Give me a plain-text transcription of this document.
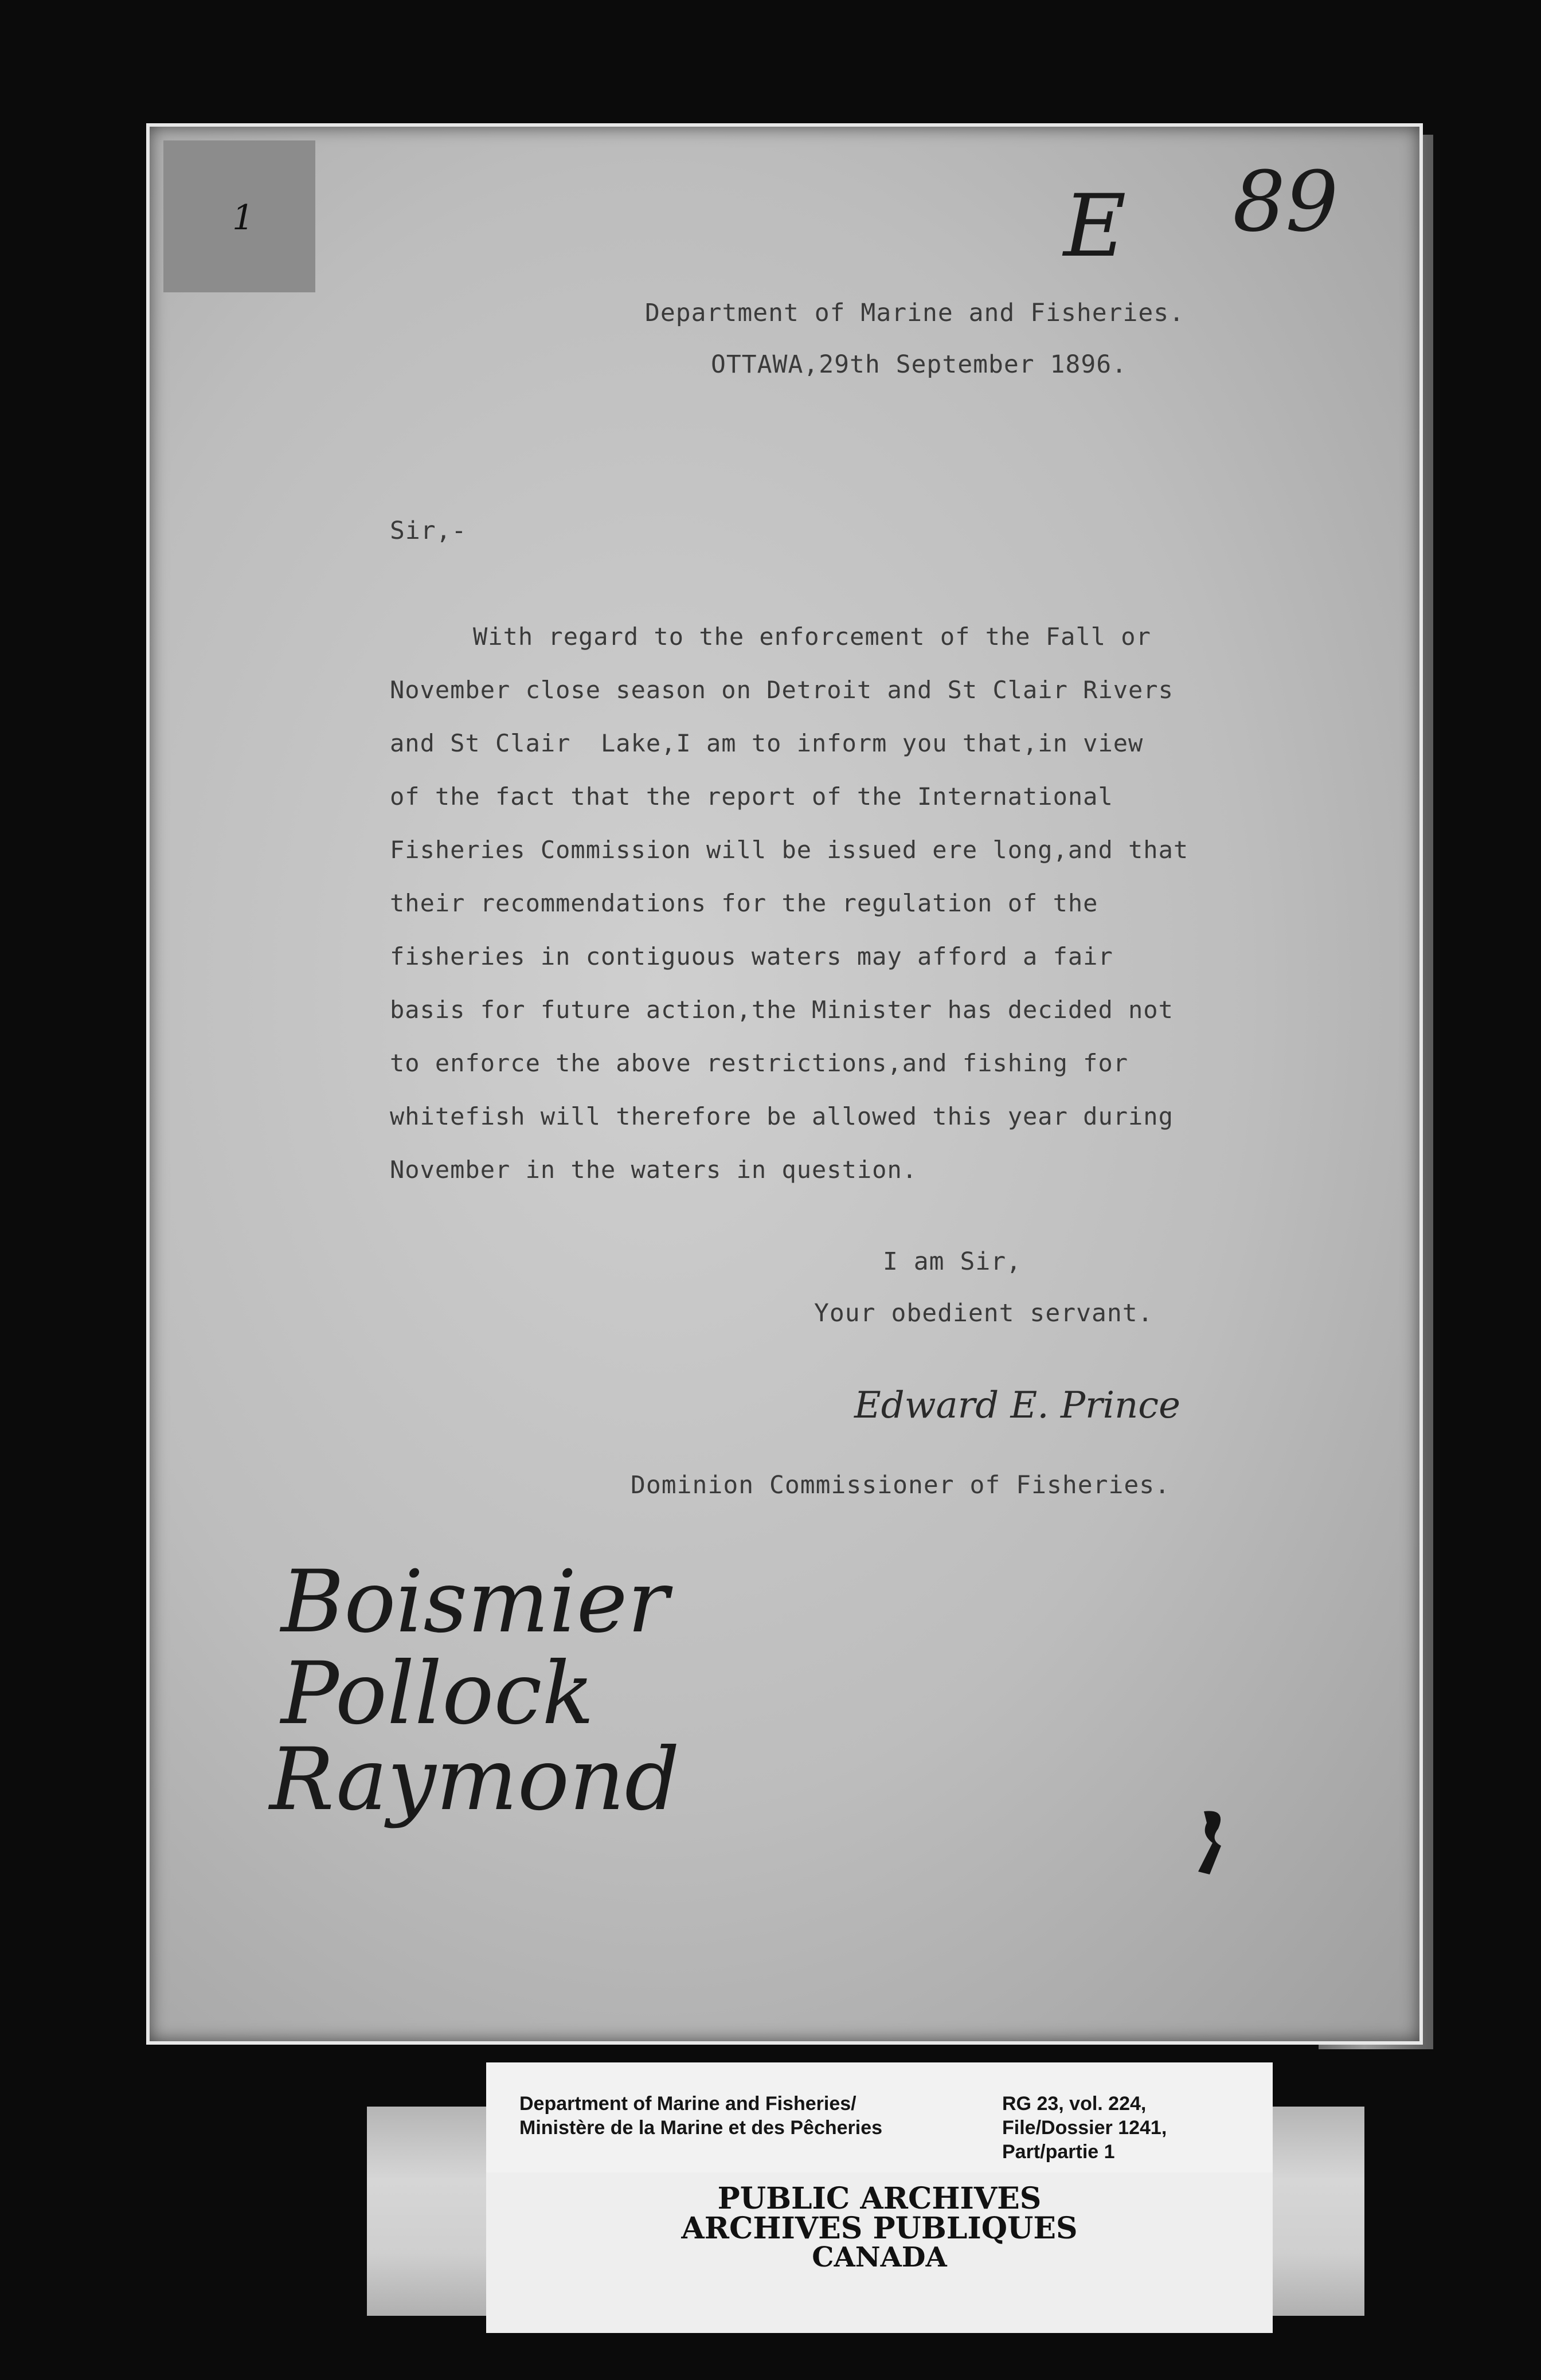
1	E 89
Department of Marine and Fisheries.
OTTAWA,29th September 1896.
Sir,-
With regard to the enforcement of the Fall or
November close season on Detroit and St Clair Rivers
and St Clair  Lake,I am to inform you that,in view
of the fact that the report of the International
Fisheries Commission will be issued ere long,and that
their recommendations for the regulation of the
fisheries in contiguous waters may afford a fair
basis for future action,the Minister has decided not
to enforce the above restrictions,and fishing for
whitefish will therefore be allowed this year during
November in the waters in question.
I am Sir,
Your obedient servant.
Edward E. Prince
Dominion Commissioner of Fisheries.
Boismier
Pollock
Raymond
Department of Marine and Fisheries/
Ministère de la Marine et des Pêcheries
RG 23, vol. 224,
File/Dossier 1241,
Part/partie 1
PUBLIC ARCHIVES
ARCHIVES PUBLIQUES
CANADA
